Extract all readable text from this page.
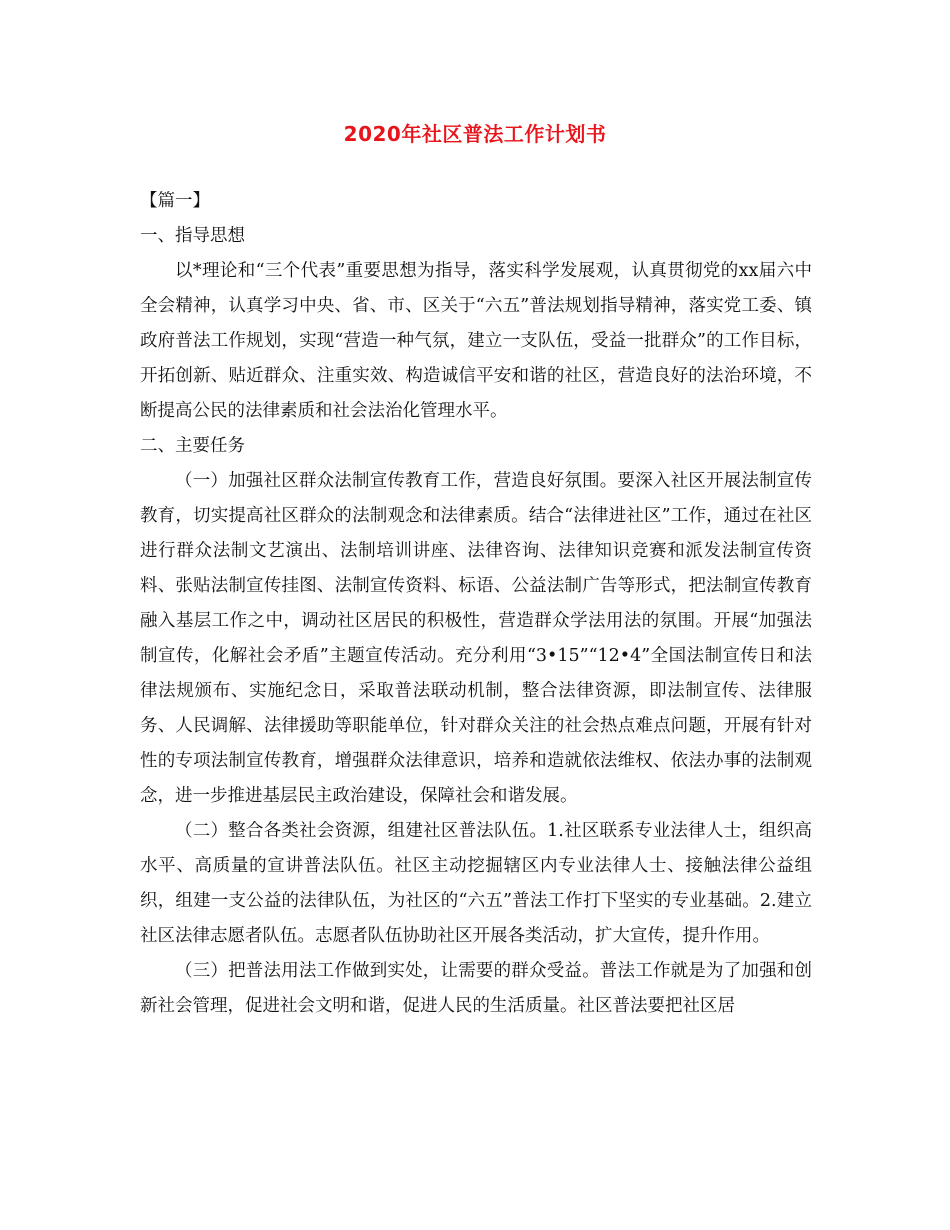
2020年社区普法工作计划书

【篇一】

一、指导思想

以*理论和“三个代表”重要思想为指导，落实科学发展观，认真贯彻党的xx届六中全会精神，认真学习中央、省、市、区关于“六五”普法规划指导精神，落实党工委、镇政府普法工作规划，实现“营造一种气氛，建立一支队伍，受益一批群众”的工作目标，开拓创新、贴近群众、注重实效、构造诚信平安和谐的社区，营造良好的法治环境，不断提高公民的法律素质和社会法治化管理水平。

二、主要任务

（一）加强社区群众法制宣传教育工作，营造良好氛围。要深入社区开展法制宣传教育，切实提高社区群众的法制观念和法律素质。结合“法律进社区”工作，通过在社区进行群众法制文艺演出、法制培训讲座、法律咨询、法律知识竞赛和派发法制宣传资料、张贴法制宣传挂图、法制宣传资料、标语、公益法制广告等形式，把法制宣传教育融入基层工作之中，调动社区居民的积极性，营造群众学法用法的氛围。开展“加强法制宣传，化解社会矛盾”主题宣传活动。充分利用“3•15”“12•4”全国法制宣传日和法律法规颁布、实施纪念日，采取普法联动机制，整合法律资源，即法制宣传、法律服务、人民调解、法律援助等职能单位，针对群众关注的社会热点难点问题，开展有针对性的专项法制宣传教育，增强群众法律意识，培养和造就依法维权、依法办事的法制观念，进一步推进基层民主政治建设，保障社会和谐发展。

（二）整合各类社会资源，组建社区普法队伍。1.社区联系专业法律人士，组织高水平、高质量的宣讲普法队伍。社区主动挖掘辖区内专业法律人士、接触法律公益组织，组建一支公益的法律队伍，为社区的“六五”普法工作打下坚实的专业基础。2.建立社区法律志愿者队伍。志愿者队伍协助社区开展各类活动，扩大宣传，提升作用。

（三）把普法用法工作做到实处，让需要的群众受益。普法工作就是为了加强和创新社会管理，促进社会文明和谐，促进人民的生活质量。社区普法要把社区居
